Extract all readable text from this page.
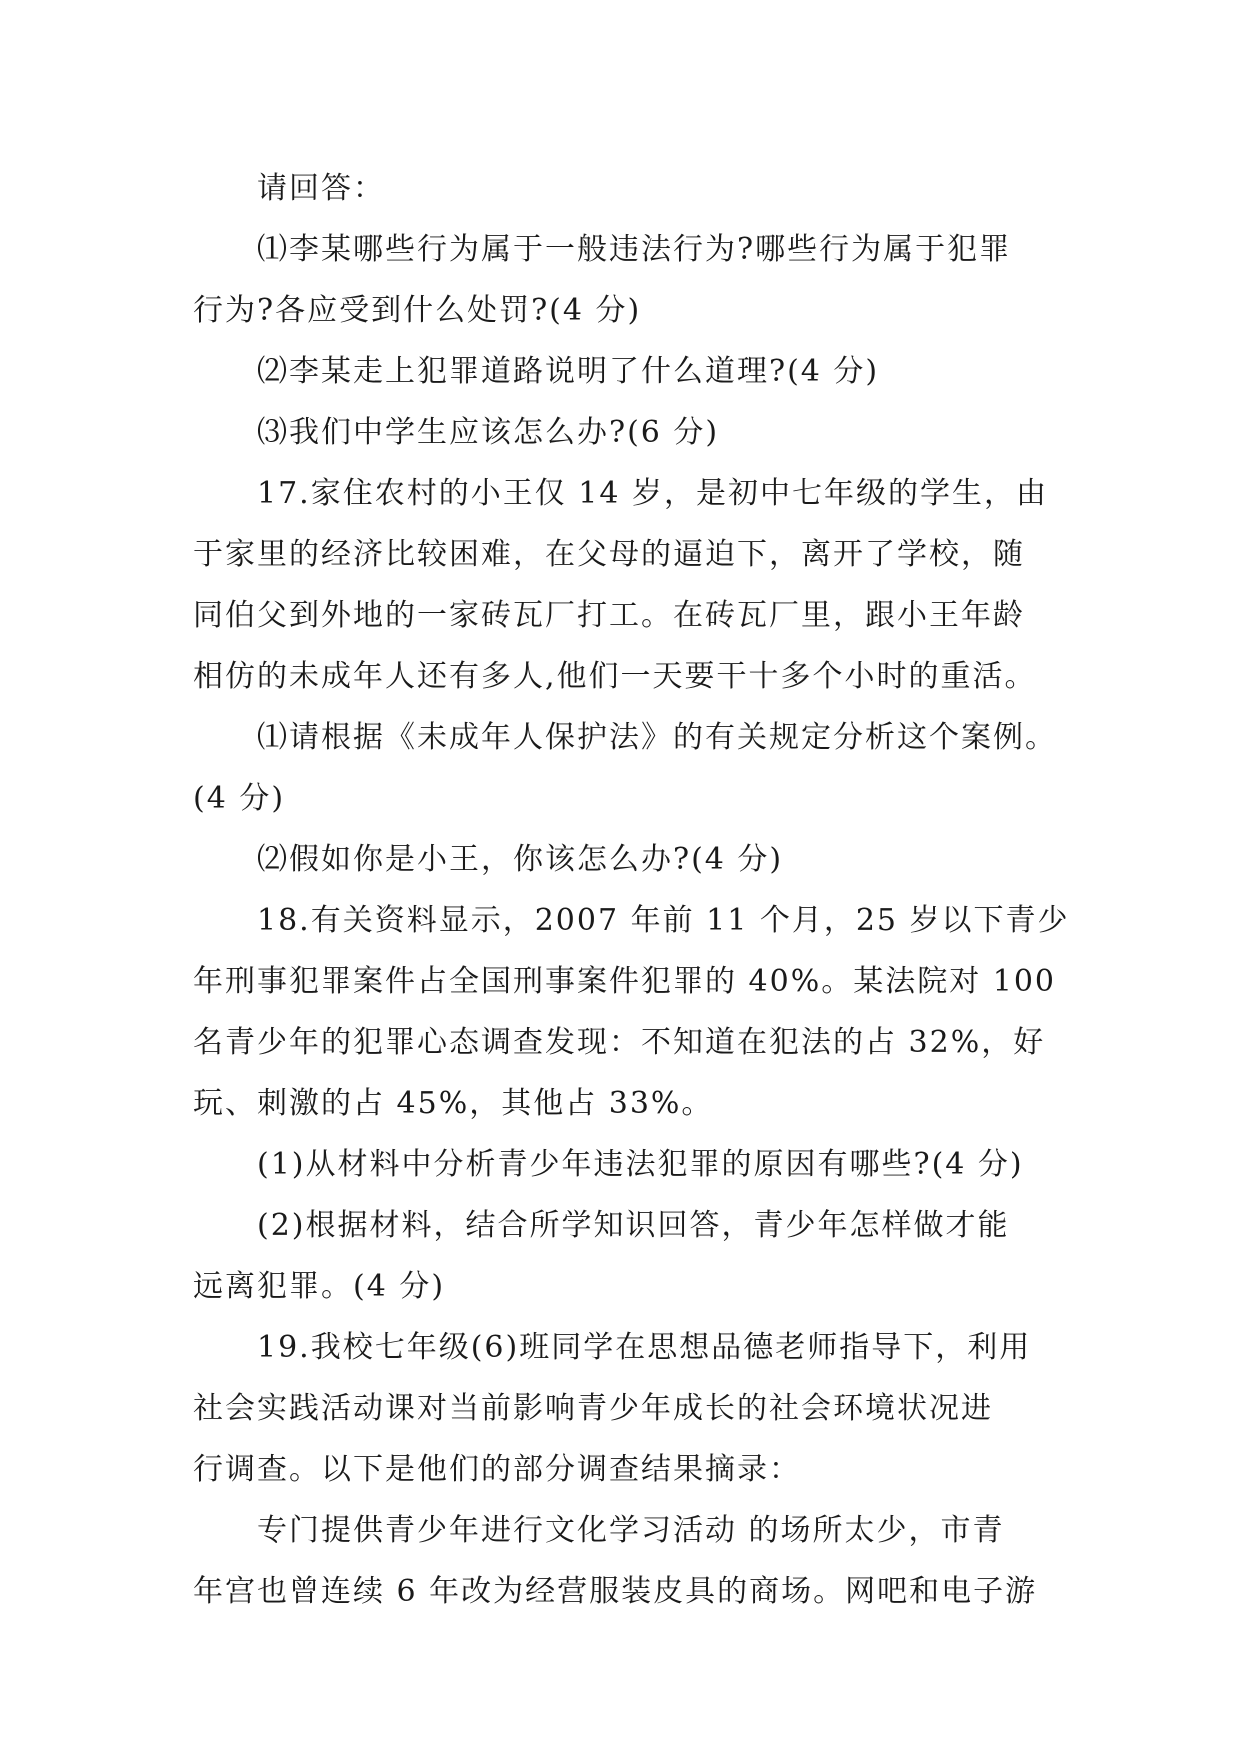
请回答：
⑴李某哪些行为属于一般违法行为?哪些行为属于犯罪
行为?各应受到什么处罚?(4 分)
⑵李某走上犯罪道路说明了什么道理?(4 分)
⑶我们中学生应该怎么办?(6 分)
17.家住农村的小王仅 14 岁，是初中七年级的学生，由
于家里的经济比较困难，在父母的逼迫下，离开了学校，随
同伯父到外地的一家砖瓦厂打工。在砖瓦厂里，跟小王年龄
相仿的未成年人还有多人,他们一天要干十多个小时的重活。
⑴请根据《未成年人保护法》的有关规定分析这个案例。
(4 分)
⑵假如你是小王，你该怎么办?(4 分)
18.有关资料显示，2007 年前 11 个月，25 岁以下青少
年刑事犯罪案件占全国刑事案件犯罪的 40%。某法院对 100
名青少年的犯罪心态调查发现：不知道在犯法的占 32%，好
玩、刺激的占 45%，其他占 33%。
(1)从材料中分析青少年违法犯罪的原因有哪些?(4 分)
(2)根据材料，结合所学知识回答，青少年怎样做才能
远离犯罪。(4 分)
19.我校七年级(6)班同学在思想品德老师指导下，利用
社会实践活动课对当前影响青少年成长的社会环境状况进
行调查。以下是他们的部分调查结果摘录：
专门提供青少年进行文化学习活动 的场所太少，市青
年宫也曾连续 6 年改为经营服装皮具的商场。网吧和电子游
